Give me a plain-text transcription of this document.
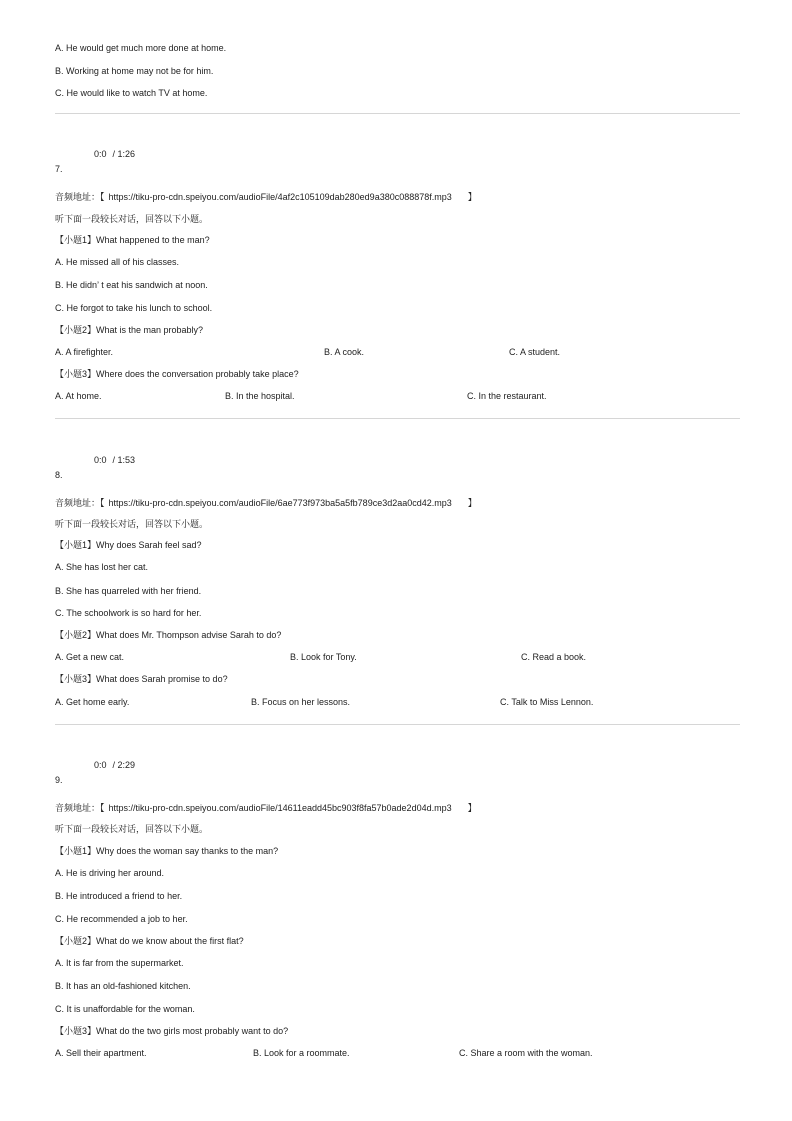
A. He would get much more done at home.
B. Working at home may not be for him.
C. He would like to watch TV at home.
0:0 / 1:26
7.
音频地址：【 https://tiku-pro-cdn.speiyou.com/audioFile/4af2c105109dab280ed9a380c088878f.mp3 】
听下面一段较长对话，回答以下小题。
【小题1】What happened to the man?
A. He missed all of his classes.
B. He didn’ t eat his sandwich at noon.
C. He forgot to take his lunch to school.
【小题2】What is the man probably?
A. A firefighter.	B. A cook.	C. A student.
【小题3】Where does the conversation probably take place?
A. At home.	B. In the hospital.	C. In the restaurant.
0:0 / 1:53
8.
音频地址：【 https://tiku-pro-cdn.speiyou.com/audioFile/6ae773f973ba5a5fb789ce3d2aa0cd42.mp3 】
听下面一段较长对话，回答以下小题。
【小题1】Why does Sarah feel sad?
A. She has lost her cat.
B. She has quarreled with her friend.
C. The schoolwork is so hard for her.
【小题2】What does Mr. Thompson advise Sarah to do?
A. Get a new cat.	B. Look for Tony.	C. Read a book.
【小题3】What does Sarah promise to do?
A. Get home early.	B. Focus on her lessons.	C. Talk to Miss Lennon.
0:0 / 2:29
9.
音频地址：【 https://tiku-pro-cdn.speiyou.com/audioFile/14611eadd45bc903f8fa57b0ade2d04d.mp3 】
听下面一段较长对话，回答以下小题。
【小题1】Why does the woman say thanks to the man?
A. He is driving her around.
B. He introduced a friend to her.
C. He recommended a job to her.
【小题2】What do we know about the first flat?
A. It is far from the supermarket.
B. It has an old-fashioned kitchen.
C. It is unaffordable for the woman.
【小题3】What do the two girls most probably want to do?
A. Sell their apartment.	B. Look for a roommate.	C. Share a room with the woman.
